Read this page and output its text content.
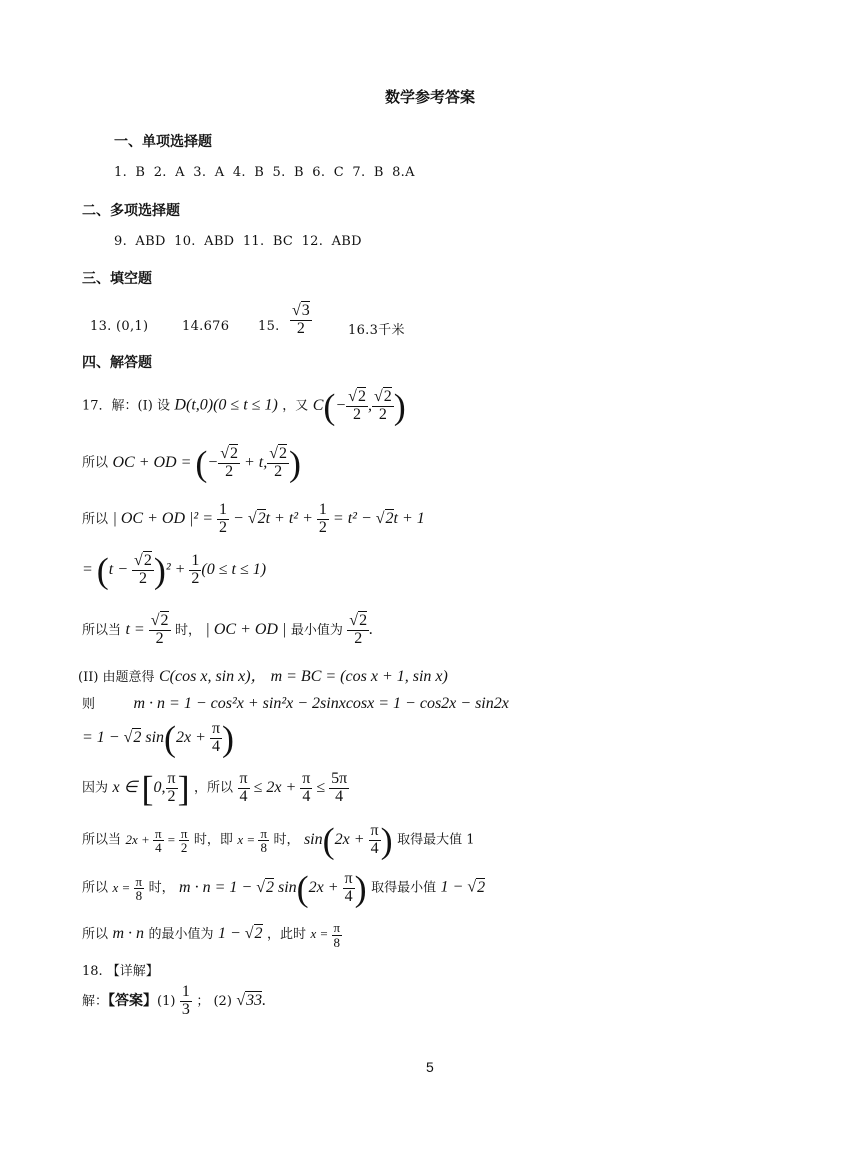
数学参考答案
一、单项选择题
1. B 2. A 3. A 4. B 5. B 6. C 7. B 8.A
二、多项选择题
9. ABD 10. ABD 11. BC 12. ABD
三、填空题
13. (0,1)	14.676 15. $\frac{√3}{2}$	16.3千米
四、解答题
17．解：(I) 设 D(t,0)(0 ≤ t ≤ 1) ，又 $C(- \frac{√2}{2}$ , $\frac{√2}{2}$ )
所以 OC + OD = (− $\frac{√2}{2} + t$, $\frac{√2}{2}$ )
所以 | OC + OD $|^2 = \frac{1}{2} - √2t + t^2 + \frac{1}{2} = t^2 - √2t + 1$
= $(t - \frac{√2}{2} )^2 + \frac{1}{2} (0 \le t \le 1)$
所以当 $t = \frac{√2}{2}$ 时， | OC + OD | 最小值为 $\frac{√2}{2}$ .
(II) 由题意得 C(cos x, sin x)， m = BC = (cos x + 1, sin x)
则 m · n = 1 − cos²x + sin²x − 2sinxcosx = 1 − cos2x − sin2x
= 1 − √2 $\sin(2x + \frac{\pi}{4}$ )
因为 x ∈ [0, $\frac{\pi}{2}$ ] ，所以 $\frac{\pi}{4} \le 2x + \frac{\pi}{4} \le \frac{5\pi}{4}$
所以当 $2x + \frac{\pi}{4} = \frac{\pi}{2}$ 时，即 $x = \frac{\pi}{8}$ 时， $\sin(2x + \frac{\pi}{4}$ ) 取得最大值 1
所以 $x = \frac{\pi}{8}$ 时， m · n = 1 − √2 $\sin(2x + \frac{\pi}{4}$ ) 取得最小值 1 − √2
所以 m · n 的最小值为 1 − √2 ，此时 $x = \frac{\pi}{8}$
18. 【详解】
解：【答案】$(1) \frac{1}{3}$ ； (2) √33.
5
